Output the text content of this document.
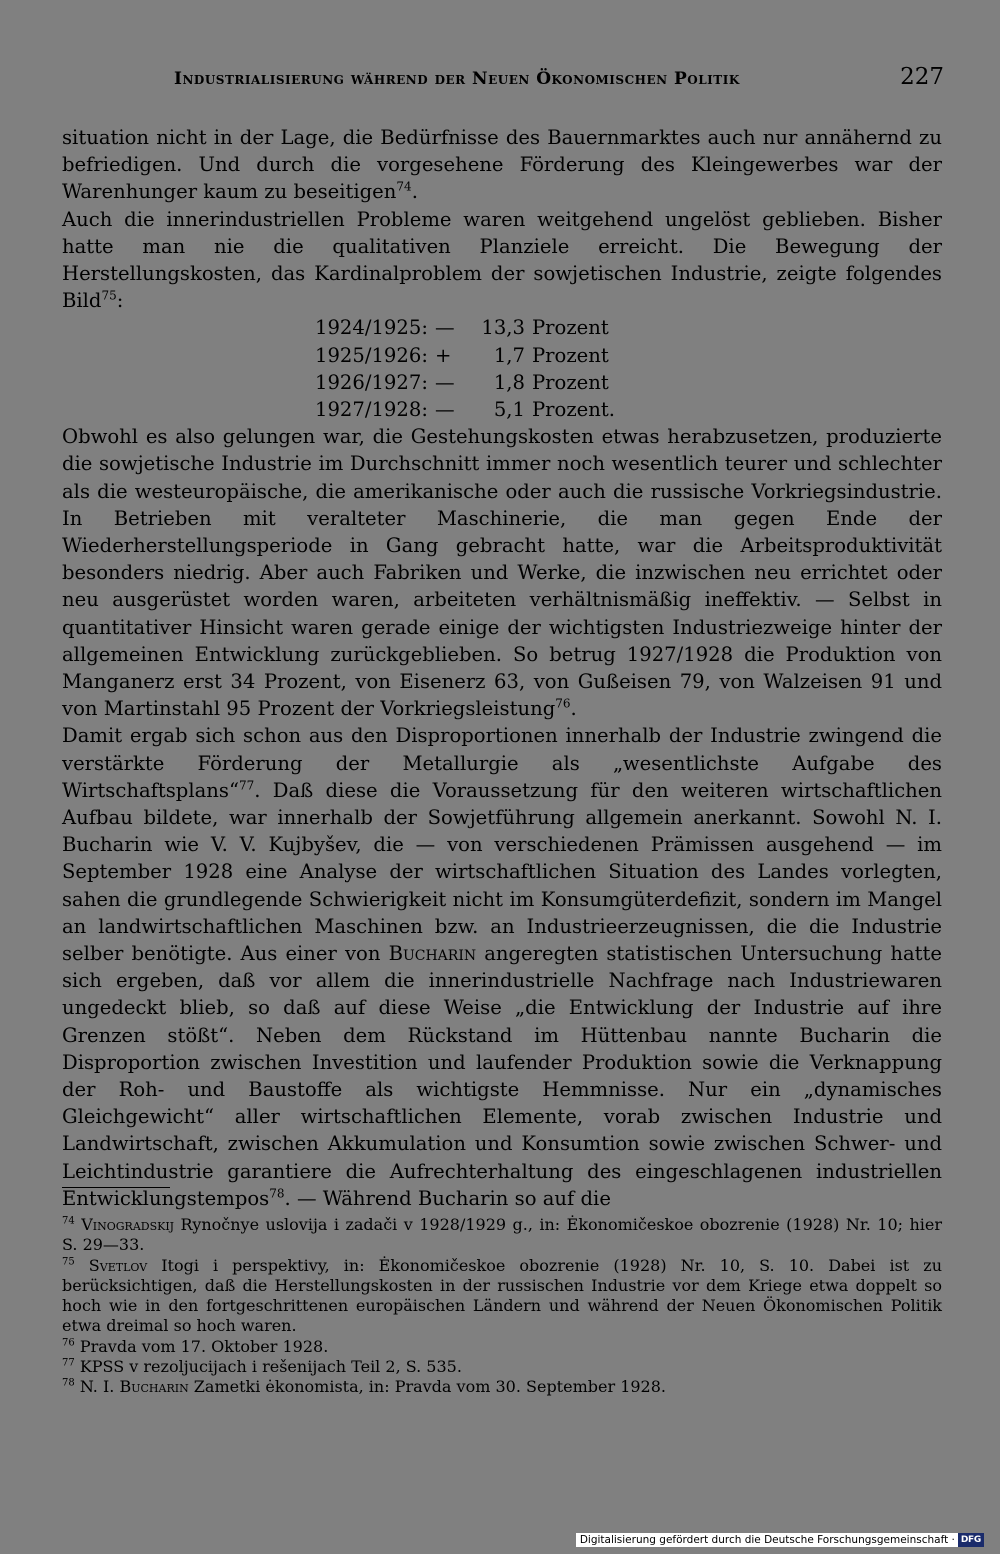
Industrialisierung während der Neuen Ökonomischen Politik	227

situation nicht in der Lage, die Bedürfnisse des Bauernmarktes auch nur annähernd zu befriedigen. Und durch die vorgesehene Förderung des Kleingewerbes war der Warenhunger kaum zu beseitigen$^{74}$.

Auch die innerindustriellen Probleme waren weitgehend ungelöst geblieben. Bisher hatte man nie die qualitativen Planziele erreicht. Die Bewegung der Herstellungskosten, das Kardinalproblem der sowjetischen Industrie, zeigte folgendes Bild$^{75}$:

1924/1925: —	13,3 Prozent
1925/1926: +	1,7 Prozent
1926/1927: —	1,8 Prozent
1927/1928: —	5,1 Prozent.

Obwohl es also gelungen war, die Gestehungskosten etwas herabzusetzen, produzierte die sowjetische Industrie im Durchschnitt immer noch wesentlich teurer und schlechter als die westeuropäische, die amerikanische oder auch die russische Vorkriegsindustrie. In Betrieben mit veralteter Maschinerie, die man gegen Ende der Wiederherstellungsperiode in Gang gebracht hatte, war die Arbeitsproduktivität besonders niedrig. Aber auch Fabriken und Werke, die inzwischen neu errichtet oder neu ausgerüstet worden waren, arbeiteten verhältnismäßig ineffektiv. — Selbst in quantitativer Hinsicht waren gerade einige der wichtigsten Industriezweige hinter der allgemeinen Entwicklung zurückgeblieben. So betrug 1927/1928 die Produktion von Manganerz erst 34 Prozent, von Eisenerz 63, von Gußeisen 79, von Walzeisen 91 und von Martinstahl 95 Prozent der Vorkriegsleistung$^{76}$.

Damit ergab sich schon aus den Disproportionen innerhalb der Industrie zwingend die verstärkte Förderung der Metallurgie als „wesentlichste Aufgabe des Wirtschaftsplans“$^{77}$. Daß diese die Voraussetzung für den weiteren wirtschaftlichen Aufbau bildete, war innerhalb der Sowjetführung allgemein anerkannt. Sowohl N. I. Bucharin wie V. V. Kujbyšev, die — von verschiedenen Prämissen ausgehend — im September 1928 eine Analyse der wirtschaftlichen Situation des Landes vorlegten, sahen die grundlegende Schwierigkeit nicht im Konsumgüterdefizit, sondern im Mangel an landwirtschaftlichen Maschinen bzw. an Industrieerzeugnissen, die die Industrie selber benötigte. Aus einer von Bucharin angeregten statistischen Untersuchung hatte sich ergeben, daß vor allem die innerindustrielle Nachfrage nach Industriewaren ungedeckt blieb, so daß auf diese Weise „die Entwicklung der Industrie auf ihre Grenzen stößt“. Neben dem Rückstand im Hüttenbau nannte Bucharin die Disproportion zwischen Investition und laufender Produktion sowie die Verknappung der Roh- und Baustoffe als wichtigste Hemmnisse. Nur ein „dynamisches Gleichgewicht“ aller wirtschaftlichen Elemente, vorab zwischen Industrie und Landwirtschaft, zwischen Akkumulation und Konsumtion sowie zwischen Schwer- und Leichtindustrie garantiere die Aufrechterhaltung des eingeschlagenen industriellen Entwicklungstempos$^{78}$. — Während Bucharin so auf die

$^{74}$ Vinogradskij Rynočnye uslovija i zadači v 1928/1929 g., in: Ėkonomičeskoe obozrenie (1928) Nr. 10; hier S. 29—33.

$^{75}$ Svetlov Itogi i perspektivy, in: Ėkonomičeskoe obozrenie (1928) Nr. 10, S. 10. Dabei ist zu berücksichtigen, daß die Herstellungskosten in der russischen Industrie vor dem Kriege etwa doppelt so hoch wie in den fortgeschrittenen europäischen Ländern und während der Neuen Ökonomischen Politik etwa dreimal so hoch waren.

$^{76}$ Pravda vom 17. Oktober 1928.

$^{77}$ KPSS v rezoljucijach i rešenijach Teil 2, S. 535.

$^{78}$ N. I. Bucharin Zametki ėkonomista, in: Pravda vom 30. September 1928.

Digitalisierung gefördert durch die Deutsche Forschungsgemeinschaft · DFG
